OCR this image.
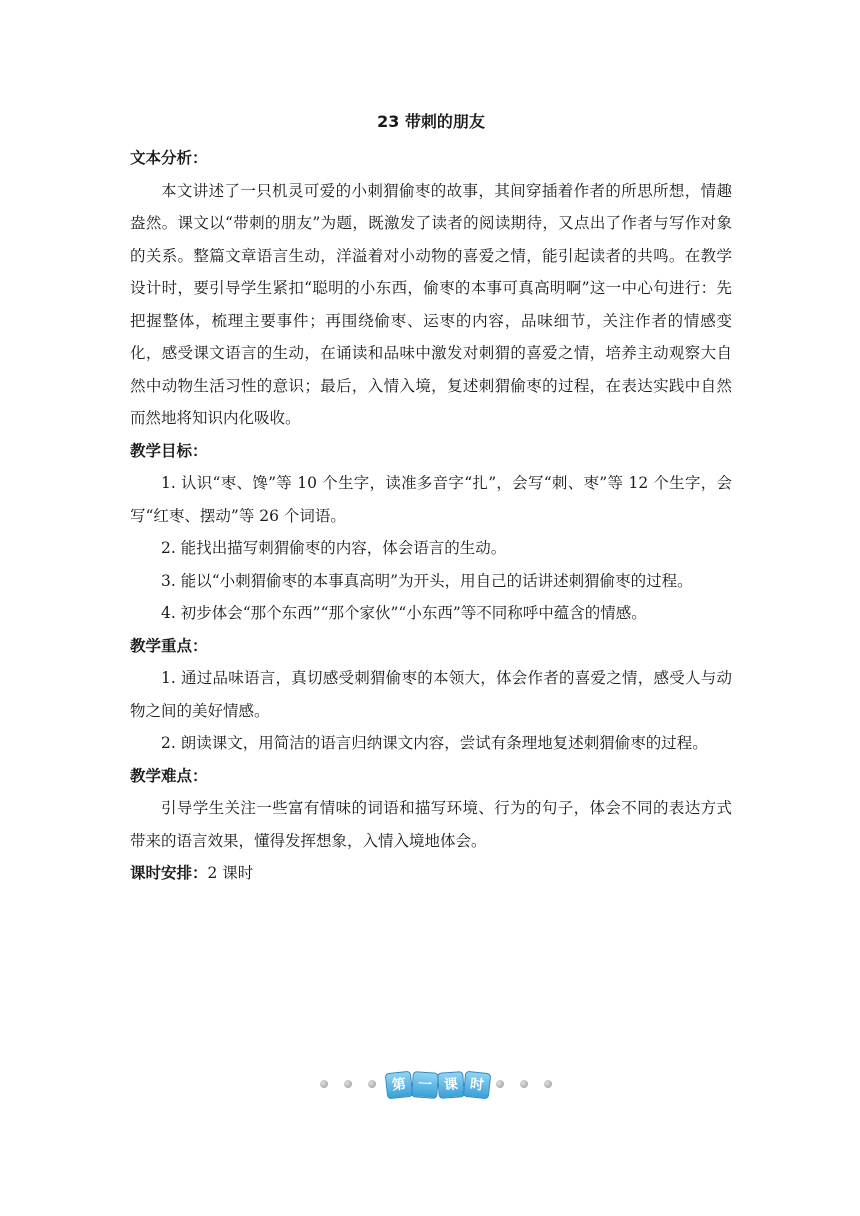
23 带刺的朋友

文本分析：

本文讲述了一只机灵可爱的小刺猬偷枣的故事，其间穿插着作者的所思所想，情趣盎然。课文以“带刺的朋友”为题，既激发了读者的阅读期待，又点出了作者与写作对象的关系。整篇文章语言生动，洋溢着对小动物的喜爱之情，能引起读者的共鸣。在教学设计时，要引导学生紧扣“聪明的小东西，偷枣的本事可真高明啊”这一中心句进行：先把握整体，梳理主要事件；再围绕偷枣、运枣的内容，品味细节，关注作者的情感变化，感受课文语言的生动，在诵读和品味中激发对刺猬的喜爱之情，培养主动观察大自然中动物生活习性的意识；最后，入情入境，复述刺猬偷枣的过程，在表达实践中自然而然地将知识内化吸收。

教学目标：

1. 认识“枣、馋”等 10 个生字，读准多音字“扎”，会写“刺、枣”等 12 个生字，会写“红枣、摆动”等 26 个词语。

2. 能找出描写刺猬偷枣的内容，体会语言的生动。

3. 能以“小刺猬偷枣的本事真高明”为开头，用自己的话讲述刺猬偷枣的过程。

4. 初步体会“那个东西”“那个家伙”“小东西”等不同称呼中蕴含的情感。

教学重点：

1. 通过品味语言，真切感受刺猬偷枣的本领大，体会作者的喜爱之情，感受人与动物之间的美好情感。

2. 朗读课文，用简洁的语言归纳课文内容，尝试有条理地复述刺猬偷枣的过程。

教学难点：

引导学生关注一些富有情味的词语和描写环境、行为的句子，体会不同的表达方式带来的语言效果，懂得发挥想象，入情入境地体会。

课时安排：2 课时

第 一 课 时
